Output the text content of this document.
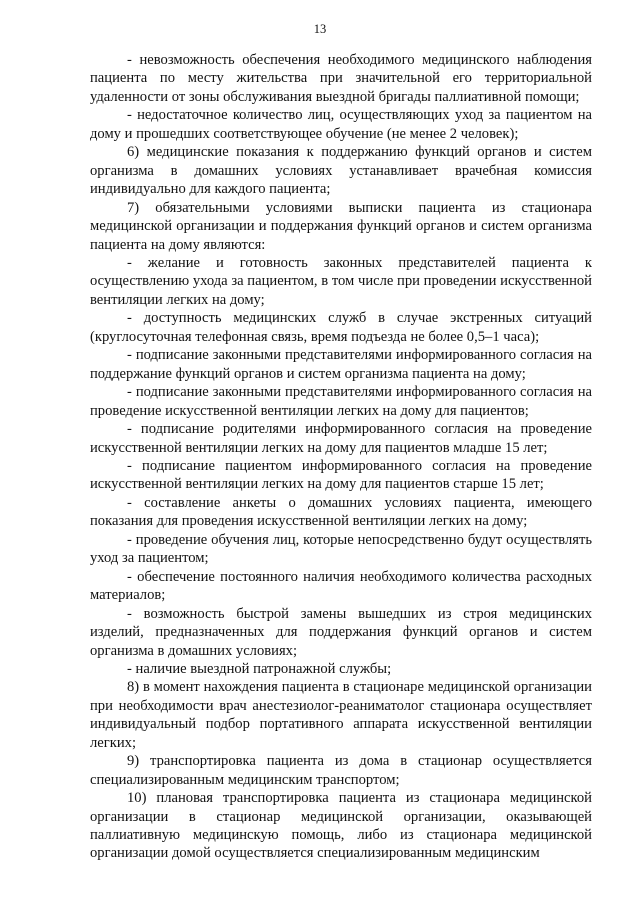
13

- невозможность обеспечения необходимого медицинского наблюдения пациента по месту жительства при значительной его территориальной удаленности от зоны обслуживания выездной бригады паллиативной помощи;

- недостаточное количество лиц, осуществляющих уход за пациентом на дому и прошедших соответствующее обучение (не менее 2 человек);

6) медицинские показания к поддержанию функций органов и систем организма в домашних условиях устанавливает врачебная комиссия индивидуально для каждого пациента;

7) обязательными условиями выписки пациента из стационара медицинской организации и поддержания функций органов и систем организма пациента на дому являются:

- желание и готовность законных представителей пациента к осуществлению ухода за пациентом, в том числе при проведении искусственной вентиляции легких на дому;

- доступность медицинских служб в случае экстренных ситуаций (круглосуточная телефонная связь, время подъезда не более 0,5–1 часа);

- подписание законными представителями информированного согласия на поддержание функций органов и систем организма пациента на дому;

- подписание законными представителями информированного согласия на проведение искусственной вентиляции легких на дому для пациентов;

- подписание родителями информированного согласия на проведение искусственной вентиляции легких на дому для пациентов младше 15 лет;

- подписание пациентом информированного согласия на проведение искусственной вентиляции легких на дому для пациентов старше 15 лет;

- составление анкеты о домашних условиях пациента, имеющего показания для проведения искусственной вентиляции легких на дому;

- проведение обучения лиц, которые непосредственно будут осуществлять уход за пациентом;

- обеспечение постоянного наличия необходимого количества расходных материалов;

- возможность быстрой замены вышедших из строя медицинских изделий, предназначенных для поддержания функций органов и систем организма в домашних условиях;

- наличие выездной патронажной службы;

8) в момент нахождения пациента в стационаре медицинской организации при необходимости врач анестезиолог-реаниматолог стационара осуществляет индивидуальный подбор портативного аппарата искусственной вентиляции легких;

9) транспортировка пациента из дома в стационар осуществляется специализированным медицинским транспортом;

10) плановая транспортировка пациента из стационара медицинской организации в стационар медицинской организации, оказывающей паллиативную медицинскую помощь, либо из стационара медицинской организации домой осуществляется специализированным медицинским
